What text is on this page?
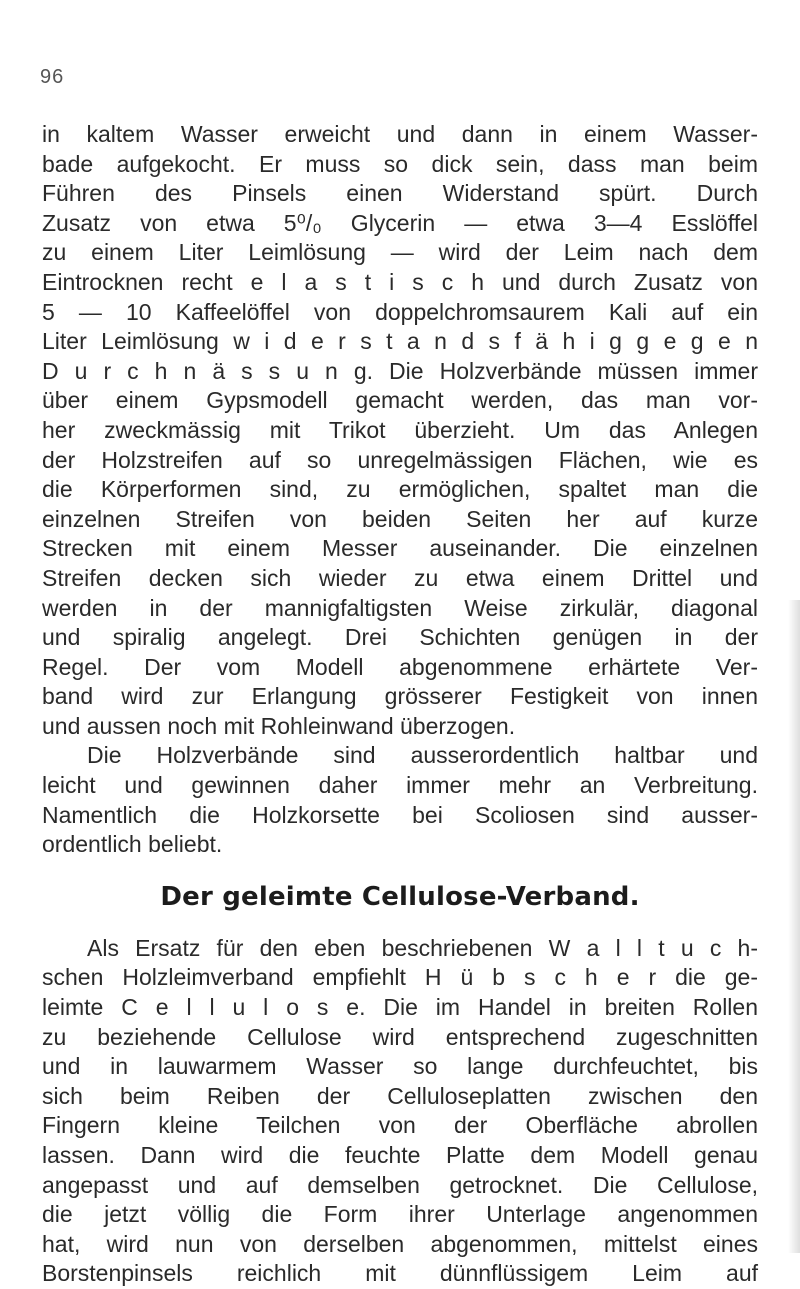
96
in kaltem Wasser erweicht und dann in einem Wasser-
bade aufgekocht. Er muss so dick sein, dass man beim
Führen des Pinsels einen Widerstand spürt. Durch
Zusatz von etwa 5⁰/₀ Glycerin — etwa 3—4 Esslöffel
zu einem Liter Leimlösung — wird der Leim nach dem
Eintrocknen recht e l a s t i s c h und durch Zusatz von
5 — 10 Kaffeelöffel von doppelchromsaurem Kali auf ein
Liter Leimlösung w i d e r s t a n d s f ä h i g g e g e n
D u r c h n ä s s u n g. Die Holzverbände müssen immer
über einem Gypsmodell gemacht werden, das man vor-
her zweckmässig mit Trikot überzieht. Um das Anlegen
der Holzstreifen auf so unregelmässigen Flächen, wie es
die Körperformen sind, zu ermöglichen, spaltet man die
einzelnen Streifen von beiden Seiten her auf kurze
Strecken mit einem Messer auseinander. Die einzelnen
Streifen decken sich wieder zu etwa einem Drittel und
werden in der mannigfaltigsten Weise zirkulär, diagonal
und spiralig angelegt. Drei Schichten genügen in der
Regel. Der vom Modell abgenommene erhärtete Ver-
band wird zur Erlangung grösserer Festigkeit von innen
und aussen noch mit Rohleinwand überzogen.
Die Holzverbände sind ausserordentlich haltbar und
leicht und gewinnen daher immer mehr an Verbreitung.
Namentlich die Holzkorsette bei Scoliosen sind ausser-
ordentlich beliebt.
Der geleimte Cellulose-Verband.
Als Ersatz für den eben beschriebenen W a l l t u c h-
schen Holzleimverband empfiehlt H ü b s c h e r die ge-
leimte C e l l u l o s e. Die im Handel in breiten Rollen
zu beziehende Cellulose wird entsprechend zugeschnitten
und in lauwarmem Wasser so lange durchfeuchtet, bis
sich beim Reiben der Celluloseplatten zwischen den
Fingern kleine Teilchen von der Oberfläche abrollen
lassen. Dann wird die feuchte Platte dem Modell genau
angepasst und auf demselben getrocknet. Die Cellulose,
die jetzt völlig die Form ihrer Unterlage angenommen
hat, wird nun von derselben abgenommen, mittelst eines
Borstenpinsels reichlich mit dünnflüssigem Leim auf
